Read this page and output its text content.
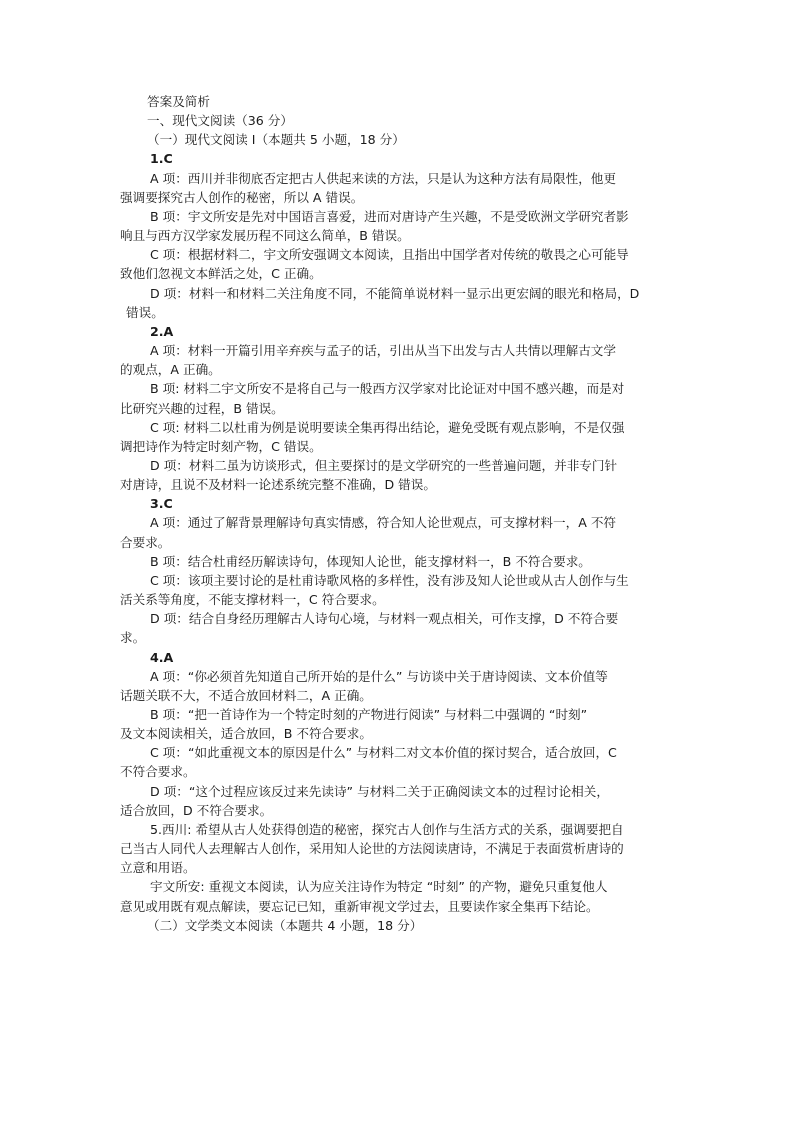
答案及简析
一、现代文阅读（36 分）
（一）现代文阅读 I（本题共 5 小题，18 分）
1.C
A 项：西川并非彻底否定把古人供起来读的方法，只是认为这种方法有局限性，他更
强调要探究古人创作的秘密，所以 A 错误。
B 项：宇文所安是先对中国语言喜爱，进而对唐诗产生兴趣，不是受欧洲文学研究者影
响且与西方汉学家发展历程不同这么简单，B 错误。
C 项：根据材料二，宇文所安强调文本阅读，且指出中国学者对传统的敬畏之心可能导
致他们忽视文本鲜活之处，C 正确。
D 项：材料一和材料二关注角度不同，不能简单说材料一显示出更宏阔的眼光和格局，D
错误。
2.A
A 项：材料一开篇引用辛弃疾与孟子的话，引出从当下出发与古人共情以理解古文学
的观点，A 正确。
B 项: 材料二宇文所安不是将自己与一般西方汉学家对比论证对中国不感兴趣，而是对
比研究兴趣的过程，B 错误。
C 项: 材料二以杜甫为例是说明要读全集再得出结论，避免受既有观点影响，不是仅强
调把诗作为特定时刻产物，C 错误。
D 项：材料二虽为访谈形式，但主要探讨的是文学研究的一些普遍问题，并非专门针
对唐诗，且说不及材料一论述系统完整不准确，D 错误。
3.C
A 项：通过了解背景理解诗句真实情感，符合知人论世观点，可支撑材料一，A 不符
合要求。
B 项：结合杜甫经历解读诗句，体现知人论世，能支撑材料一，B 不符合要求。
C 项：该项主要讨论的是杜甫诗歌风格的多样性，没有涉及知人论世或从古人创作与生
活关系等角度，不能支撑材料一，C 符合要求。
D 项：结合自身经历理解古人诗句心境，与材料一观点相关，可作支撑，D 不符合要
求。
4.A
A 项：“你必须首先知道自己所开始的是什么” 与访谈中关于唐诗阅读、文本价值等
话题关联不大，不适合放回材料二，A 正确。
B 项：“把一首诗作为一个特定时刻的产物进行阅读” 与材料二中强调的 “时刻”
及文本阅读相关，适合放回，B 不符合要求。
C 项：“如此重视文本的原因是什么” 与材料二对文本价值的探讨契合，适合放回，C
不符合要求。
D 项：“这个过程应该反过来先读诗” 与材料二关于正确阅读文本的过程讨论相关，
适合放回，D 不符合要求。
5.西川: 希望从古人处获得创造的秘密，探究古人创作与生活方式的关系，强调要把自
己当古人同代人去理解古人创作，采用知人论世的方法阅读唐诗，不满足于表面赏析唐诗的
立意和用语。
宇文所安: 重视文本阅读，认为应关注诗作为特定 “时刻” 的产物，避免只重复他人
意见或用既有观点解读，要忘记已知，重新审视文学过去，且要读作家全集再下结论。
（二）文学类文本阅读（本题共 4 小题，18 分）
